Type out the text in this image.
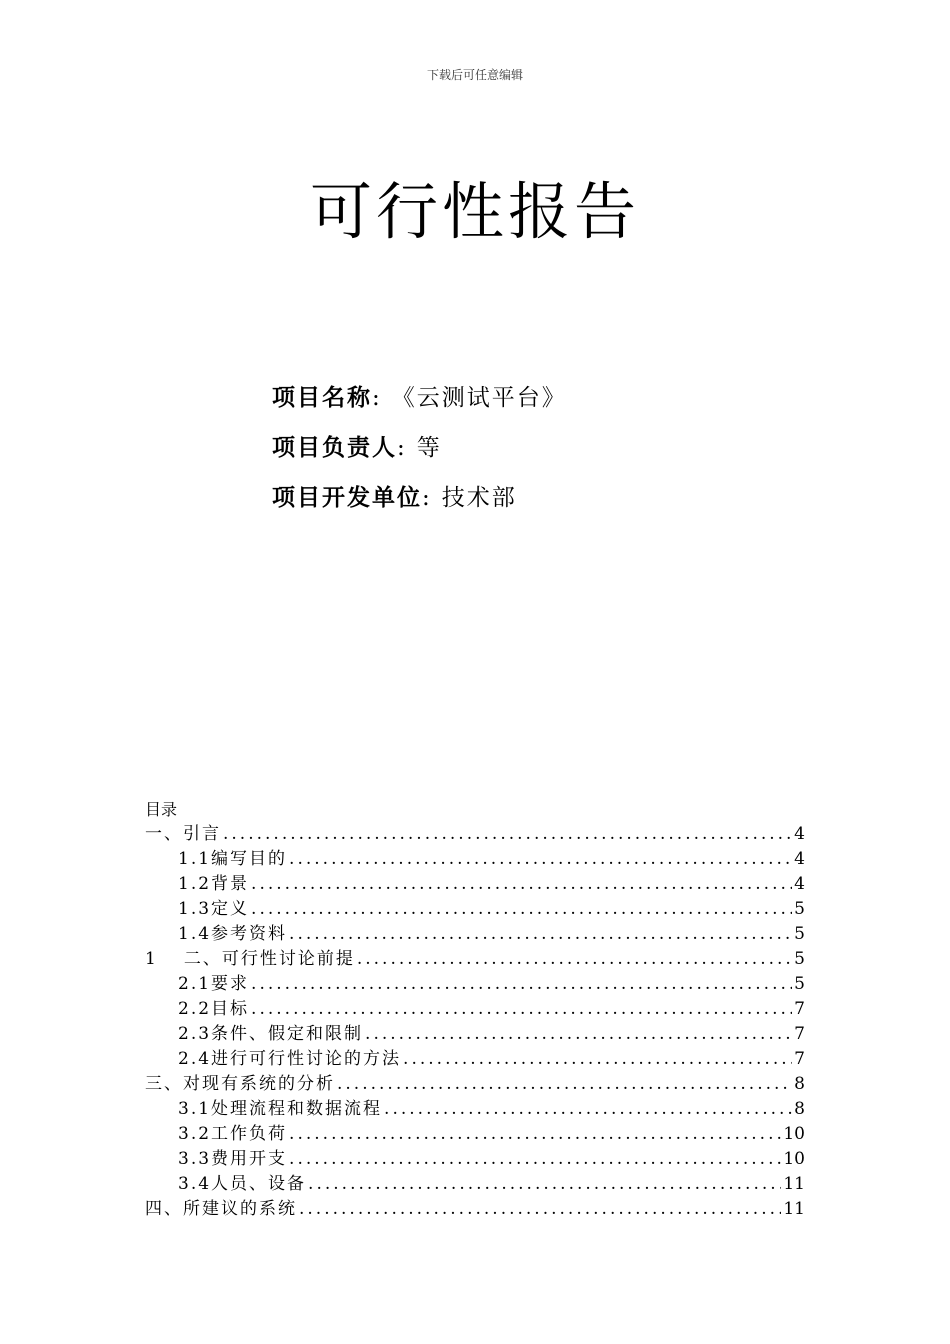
下载后可任意编辑
可行性报告
项目名称: 《云测试平台》
项目负责人: 等
项目开发单位: 技术部
目录
一、引言 .....	4
1.1编写目的 .....	4
1.2背景 .....	4
1.3定义 .....	5
1.4参考资料 .....	5
1 二、可行性讨论前提 .....	5
2.1要求 .....	5
2.2目标 .....	7
2.3条件、假定和限制 .....	7
2.4进行可行性讨论的方法 .....	7
三、对现有系统的分析 .....	8
3.1处理流程和数据流程 .....	8
3.2工作负荷 .....	10
3.3费用开支 .....	10
3.4人员、设备 .....	11
四、所建议的系统 .....	11
